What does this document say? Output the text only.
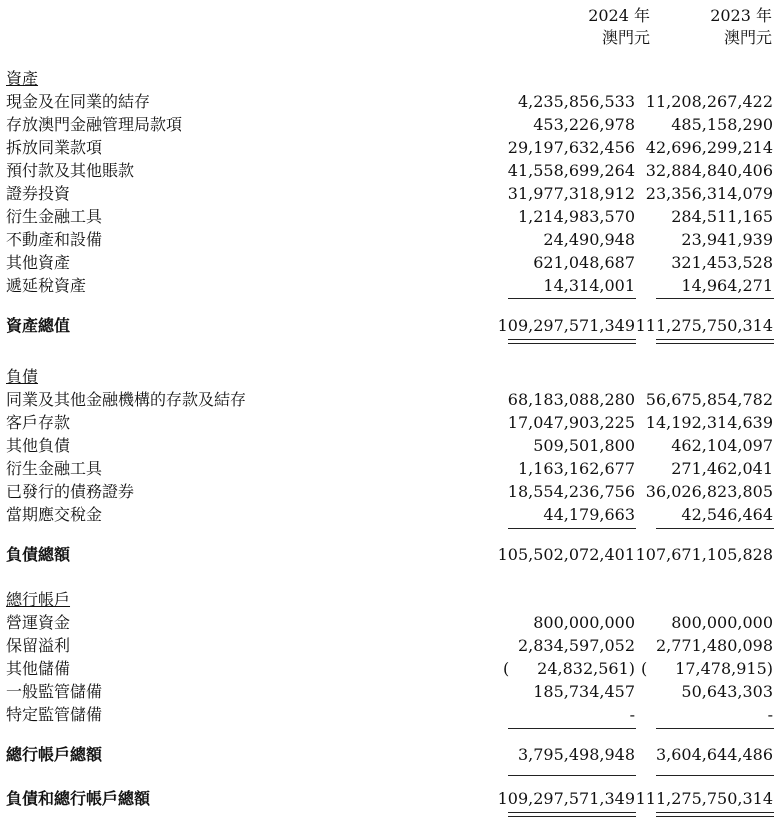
2024 年
澳門元
2023 年
澳門元
資產
現金及在同業的結存	4,235,856,533 11,208,267,422
存放澳門金融管理局款項	453,226,978	485,158,290
拆放同業款項	29,197,632,456 42,696,299,214
預付款及其他賬款	41,558,699,264 32,884,840,406
證券投資	31,977,318,912 23,356,314,079
衍生金融工具	1,214,983,570	284,511,165
不動產和設備	24,490,948	23,941,939
其他資產	621,048,687	321,453,528
遞延稅資產	14,314,001	14,964,271
資產總值	109,297,571,349 111,275,750,314
負債
同業及其他金融機構的存款及結存	68,183,088,280 56,675,854,782
客戶存款	17,047,903,225 14,192,314,639
其他負債	509,501,800	462,104,097
衍生金融工具	1,163,162,677	271,462,041
已發行的債務證券	18,554,236,756 36,026,823,805
當期應交稅金	44,179,663	42,546,464
負債總額	105,502,072,401 107,671,105,828
總行帳戶
營運資金	800,000,000	800,000,000
保留溢利	2,834,597,052	2,771,480,098
其他儲備	(	24,832,561) (	17,478,915)
一般監管儲備	185,734,457	50,643,303
特定監管儲備	-	-
總行帳戶總額	3,795,498,948	3,604,644,486
負債和總行帳戶總額	109,297,571,349 111,275,750,314
